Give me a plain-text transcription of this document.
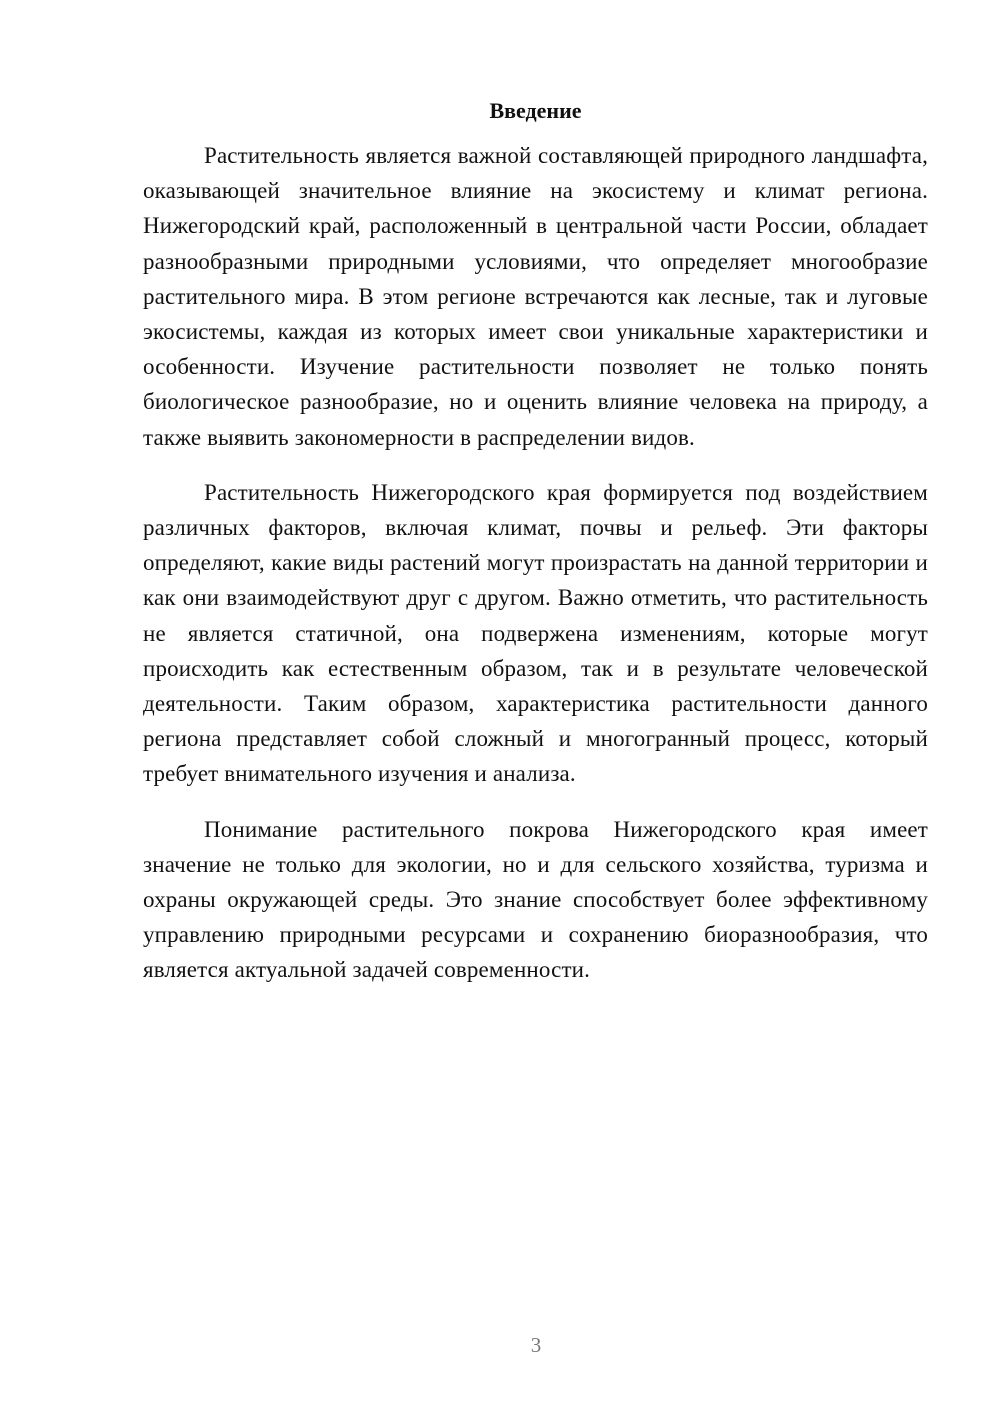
Введение

Растительность является важной составляющей природного ландшафта, оказывающей значительное влияние на экосистему и климат региона. Нижегородский край, расположенный в центральной части России, обладает разнообразными природными условиями, что определяет многообразие растительного мира. В этом регионе встречаются как лесные, так и луговые экосистемы, каждая из которых имеет свои уникальные характеристики и особенности. Изучение растительности позволяет не только понять биологическое разнообразие, но и оценить влияние человека на природу, а также выявить закономерности в распределении видов.

Растительность Нижегородского края формируется под воздействием различных факторов, включая климат, почвы и рельеф. Эти факторы определяют, какие виды растений могут произрастать на данной территории и как они взаимодействуют друг с другом. Важно отметить, что растительность не является статичной, она подвержена изменениям, которые могут происходить как естественным образом, так и в результате человеческой деятельности. Таким образом, характеристика растительности данного региона представляет собой сложный и многогранный процесс, который требует внимательного изучения и анализа.

Понимание растительного покрова Нижегородского края имеет значение не только для экологии, но и для сельского хозяйства, туризма и охраны окружающей среды. Это знание способствует более эффективному управлению природными ресурсами и сохранению биоразнообразия, что является актуальной задачей современности.

3
